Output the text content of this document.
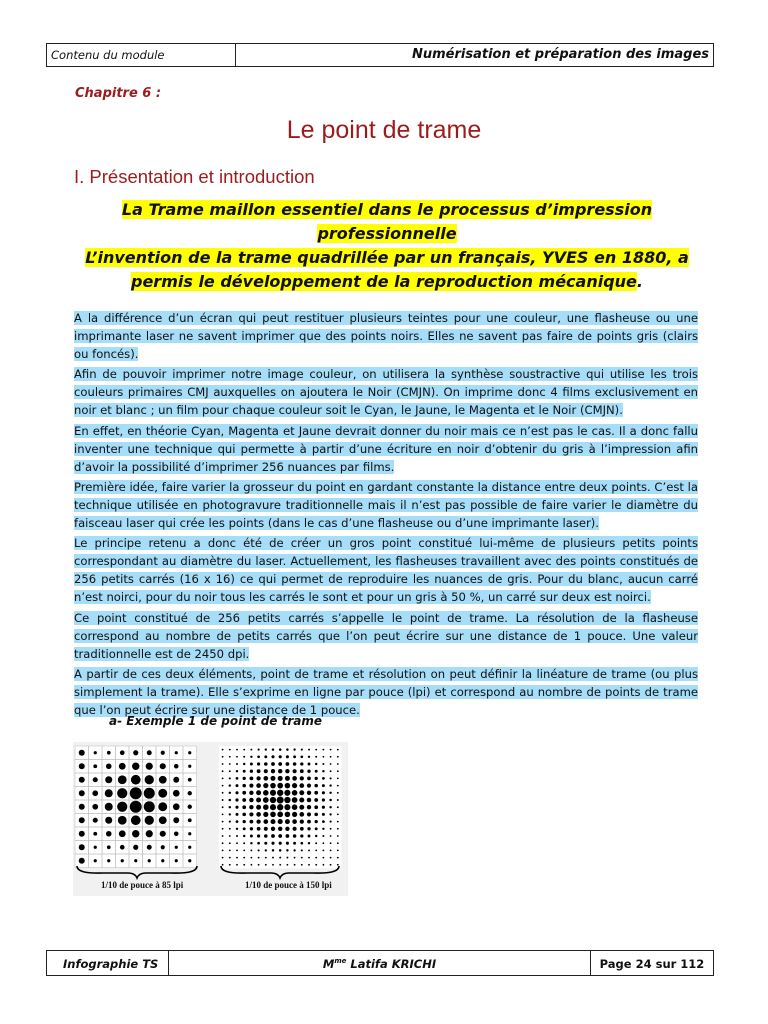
Contenu du module	Numérisation et préparation des images
Chapitre 6 :
Le point de trame
I. Présentation et introduction
La Trame maillon essentiel dans le processus d’impression
professionnelle
L’invention de la trame quadrillée par un français, YVES en 1880, a
permis le développement de la reproduction mécanique.

A la différence d’un écran qui peut restituer plusieurs teintes pour une couleur, une flasheuse ou une imprimante laser ne savent imprimer que des points noirs. Elles ne savent pas faire de points gris (clairs ou foncés).

Afin de pouvoir imprimer notre image couleur, on utilisera la synthèse soustractive qui utilise les trois couleurs primaires CMJ auxquelles on ajoutera le Noir (CMJN). On imprime donc 4 films exclusivement en noir et blanc ; un film pour chaque couleur soit le Cyan, le Jaune, le Magenta et le Noir (CMJN).

En effet, en théorie Cyan, Magenta et Jaune devrait donner du noir mais ce n’est pas le cas. Il a donc fallu inventer une technique qui permette à partir d’une écriture en noir d’obtenir du gris à l’impression afin d’avoir la possibilité d’imprimer 256 nuances par films.

Première idée, faire varier la grosseur du point en gardant constante la distance entre deux points. C’est la technique utilisée en photogravure traditionnelle mais il n’est pas possible de faire varier le diamètre du faisceau laser qui crée les points (dans le cas d’une flasheuse ou d’une imprimante laser).

Le principe retenu a donc été de créer un gros point constitué lui-même de plusieurs petits points correspondant au diamètre du laser. Actuellement, les flasheuses travaillent avec des points constitués de 256 petits carrés (16 x 16) ce qui permet de reproduire les nuances de gris. Pour du blanc, aucun carré n’est noirci, pour du noir tous les carrés le sont et pour un gris à 50 %, un carré sur deux est noirci.

Ce point constitué de 256 petits carrés s’appelle le point de trame. La résolution de la flasheuse correspond au nombre de petits carrés que l’on peut écrire sur une distance de 1 pouce. Une valeur traditionnelle est de 2450 dpi.

A partir de ces deux éléments, point de trame et résolution on peut définir la linéature de trame (ou plus simplement la trame). Elle s’exprime en ligne par pouce (lpi) et correspond au nombre de points de trame que l’on peut écrire sur une distance de 1 pouce.

a- Exemple 1 de point de trame
1/10 de pouce à 85 lpi	1/10 de pouce à 150 lpi
Infographie TS	$M^{me}$ Latifa KRICHI	Page 24 sur 112
